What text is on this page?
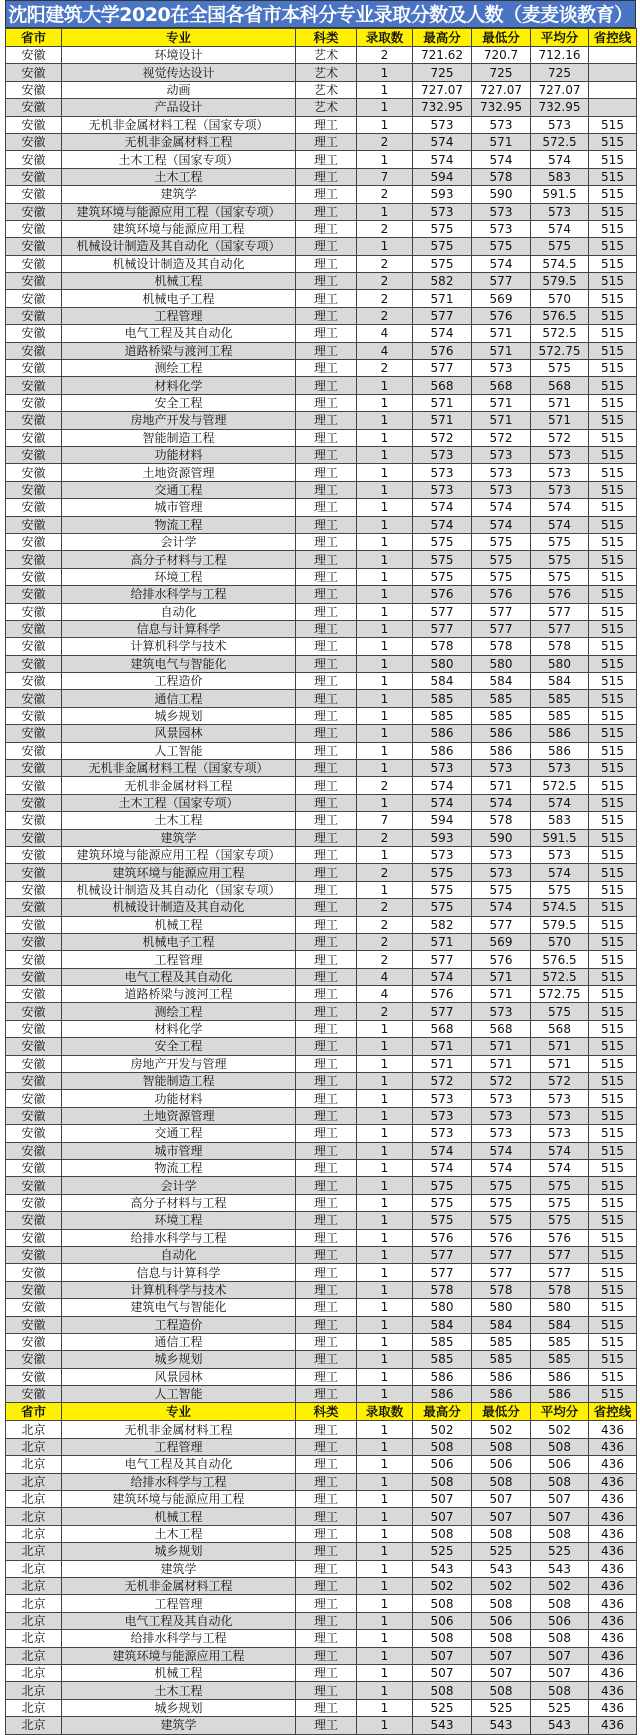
沈阳建筑大学2020在全国各省市本科分专业录取分数及人数（麦麦谈教育）
省市	专业	科类	录取数	最高分	最低分	平均分	省控线
安徽	环境设计	艺术	2	721.62	720.7	712.16	
安徽	视觉传达设计	艺术	1	725	725	725	
安徽	动画	艺术	1	727.07	727.07	727.07	
安徽	产品设计	艺术	1	732.95	732.95	732.95	
安徽	无机非金属材料工程（国家专项）	理工	1	573	573	573	515
安徽	无机非金属材料工程	理工	2	574	571	572.5	515
安徽	土木工程（国家专项）	理工	1	574	574	574	515
安徽	土木工程	理工	7	594	578	583	515
安徽	建筑学	理工	2	593	590	591.5	515
安徽	建筑环境与能源应用工程（国家专项）	理工	1	573	573	573	515
安徽	建筑环境与能源应用工程	理工	2	575	573	574	515
安徽	机械设计制造及其自动化（国家专项）	理工	1	575	575	575	515
安徽	机械设计制造及其自动化	理工	2	575	574	574.5	515
安徽	机械工程	理工	2	582	577	579.5	515
安徽	机械电子工程	理工	2	571	569	570	515
安徽	工程管理	理工	2	577	576	576.5	515
安徽	电气工程及其自动化	理工	4	574	571	572.5	515
安徽	道路桥梁与渡河工程	理工	4	576	571	572.75	515
安徽	测绘工程	理工	2	577	573	575	515
安徽	材料化学	理工	1	568	568	568	515
安徽	安全工程	理工	1	571	571	571	515
安徽	房地产开发与管理	理工	1	571	571	571	515
安徽	智能制造工程	理工	1	572	572	572	515
安徽	功能材料	理工	1	573	573	573	515
安徽	土地资源管理	理工	1	573	573	573	515
安徽	交通工程	理工	1	573	573	573	515
安徽	城市管理	理工	1	574	574	574	515
安徽	物流工程	理工	1	574	574	574	515
安徽	会计学	理工	1	575	575	575	515
安徽	高分子材料与工程	理工	1	575	575	575	515
安徽	环境工程	理工	1	575	575	575	515
安徽	给排水科学与工程	理工	1	576	576	576	515
安徽	自动化	理工	1	577	577	577	515
安徽	信息与计算科学	理工	1	577	577	577	515
安徽	计算机科学与技术	理工	1	578	578	578	515
安徽	建筑电气与智能化	理工	1	580	580	580	515
安徽	工程造价	理工	1	584	584	584	515
安徽	通信工程	理工	1	585	585	585	515
安徽	城乡规划	理工	1	585	585	585	515
安徽	风景园林	理工	1	586	586	586	515
安徽	人工智能	理工	1	586	586	586	515
安徽	无机非金属材料工程（国家专项）	理工	1	573	573	573	515
安徽	无机非金属材料工程	理工	2	574	571	572.5	515
安徽	土木工程（国家专项）	理工	1	574	574	574	515
安徽	土木工程	理工	7	594	578	583	515
安徽	建筑学	理工	2	593	590	591.5	515
安徽	建筑环境与能源应用工程（国家专项）	理工	1	573	573	573	515
安徽	建筑环境与能源应用工程	理工	2	575	573	574	515
安徽	机械设计制造及其自动化（国家专项）	理工	1	575	575	575	515
安徽	机械设计制造及其自动化	理工	2	575	574	574.5	515
安徽	机械工程	理工	2	582	577	579.5	515
安徽	机械电子工程	理工	2	571	569	570	515
安徽	工程管理	理工	2	577	576	576.5	515
安徽	电气工程及其自动化	理工	4	574	571	572.5	515
安徽	道路桥梁与渡河工程	理工	4	576	571	572.75	515
安徽	测绘工程	理工	2	577	573	575	515
安徽	材料化学	理工	1	568	568	568	515
安徽	安全工程	理工	1	571	571	571	515
安徽	房地产开发与管理	理工	1	571	571	571	515
安徽	智能制造工程	理工	1	572	572	572	515
安徽	功能材料	理工	1	573	573	573	515
安徽	土地资源管理	理工	1	573	573	573	515
安徽	交通工程	理工	1	573	573	573	515
安徽	城市管理	理工	1	574	574	574	515
安徽	物流工程	理工	1	574	574	574	515
安徽	会计学	理工	1	575	575	575	515
安徽	高分子材料与工程	理工	1	575	575	575	515
安徽	环境工程	理工	1	575	575	575	515
安徽	给排水科学与工程	理工	1	576	576	576	515
安徽	自动化	理工	1	577	577	577	515
安徽	信息与计算科学	理工	1	577	577	577	515
安徽	计算机科学与技术	理工	1	578	578	578	515
安徽	建筑电气与智能化	理工	1	580	580	580	515
安徽	工程造价	理工	1	584	584	584	515
安徽	通信工程	理工	1	585	585	585	515
安徽	城乡规划	理工	1	585	585	585	515
安徽	风景园林	理工	1	586	586	586	515
安徽	人工智能	理工	1	586	586	586	515
省市	专业	科类	录取数	最高分	最低分	平均分	省控线
北京	无机非金属材料工程	理工	1	502	502	502	436
北京	工程管理	理工	1	508	508	508	436
北京	电气工程及其自动化	理工	1	506	506	506	436
北京	给排水科学与工程	理工	1	508	508	508	436
北京	建筑环境与能源应用工程	理工	1	507	507	507	436
北京	机械工程	理工	1	507	507	507	436
北京	土木工程	理工	1	508	508	508	436
北京	城乡规划	理工	1	525	525	525	436
北京	建筑学	理工	1	543	543	543	436
北京	无机非金属材料工程	理工	1	502	502	502	436
北京	工程管理	理工	1	508	508	508	436
北京	电气工程及其自动化	理工	1	506	506	506	436
北京	给排水科学与工程	理工	1	508	508	508	436
北京	建筑环境与能源应用工程	理工	1	507	507	507	436
北京	机械工程	理工	1	507	507	507	436
北京	土木工程	理工	1	508	508	508	436
北京	城乡规划	理工	1	525	525	525	436
北京	建筑学	理工	1	543	543	543	436
